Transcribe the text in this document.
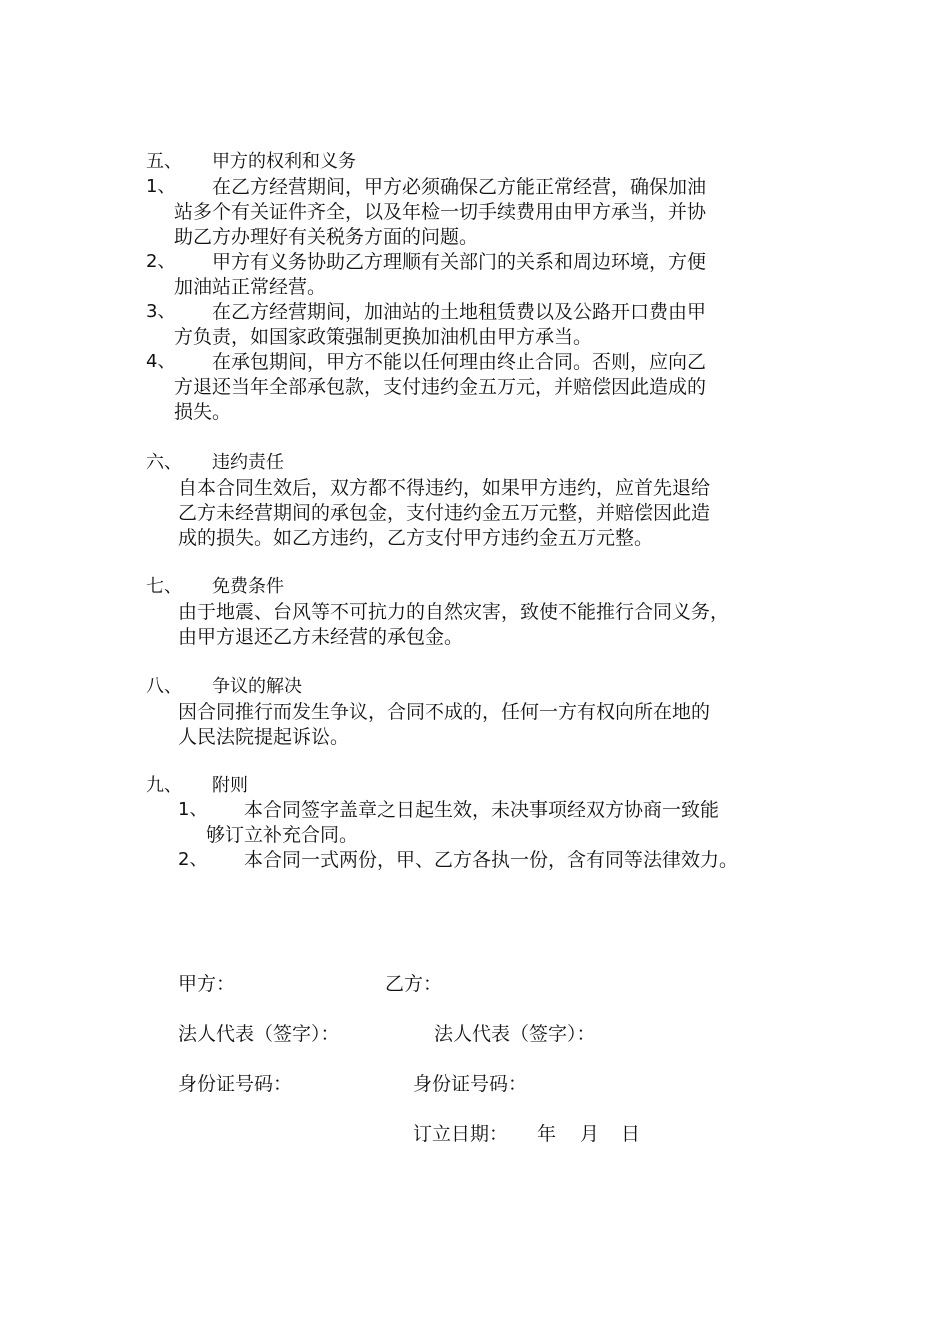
五、 甲方的权利和义务
1、 在乙方经营期间，甲方必须确保乙方能正常经营，确保加油
站多个有关证件齐全，以及年检一切手续费用由甲方承当，并协
助乙方办理好有关税务方面的问题。
2、 甲方有义务协助乙方理顺有关部门的关系和周边环境，方便
加油站正常经营。
3、 在乙方经营期间，加油站的土地租赁费以及公路开口费由甲
方负责，如国家政策强制更换加油机由甲方承当。
4、 在承包期间，甲方不能以任何理由终止合同。否则，应向乙
方退还当年全部承包款，支付违约金五万元，并赔偿因此造成的
损失。
六、 违约责任
自本合同生效后，双方都不得违约，如果甲方违约，应首先退给
乙方未经营期间的承包金，支付违约金五万元整，并赔偿因此造
成的损失。如乙方违约，乙方支付甲方违约金五万元整。
七、 免费条件
由于地震、台风等不可抗力的自然灾害，致使不能推行合同义务，
由甲方退还乙方未经营的承包金。
八、 争议的解决
因合同推行而发生争议，合同不成的，任何一方有权向所在地的
人民法院提起诉讼。
九、 附则
1、 本合同签字盖章之日起生效，未决事项经双方协商一致能
够订立补充合同。
2、 本合同一式两份，甲、乙方各执一份，含有同等法律效力。
甲方：	乙方：
法人代表（签字）：	法人代表（签字）：
身份证号码：	身份证号码：
订立日期： 年 月 日
